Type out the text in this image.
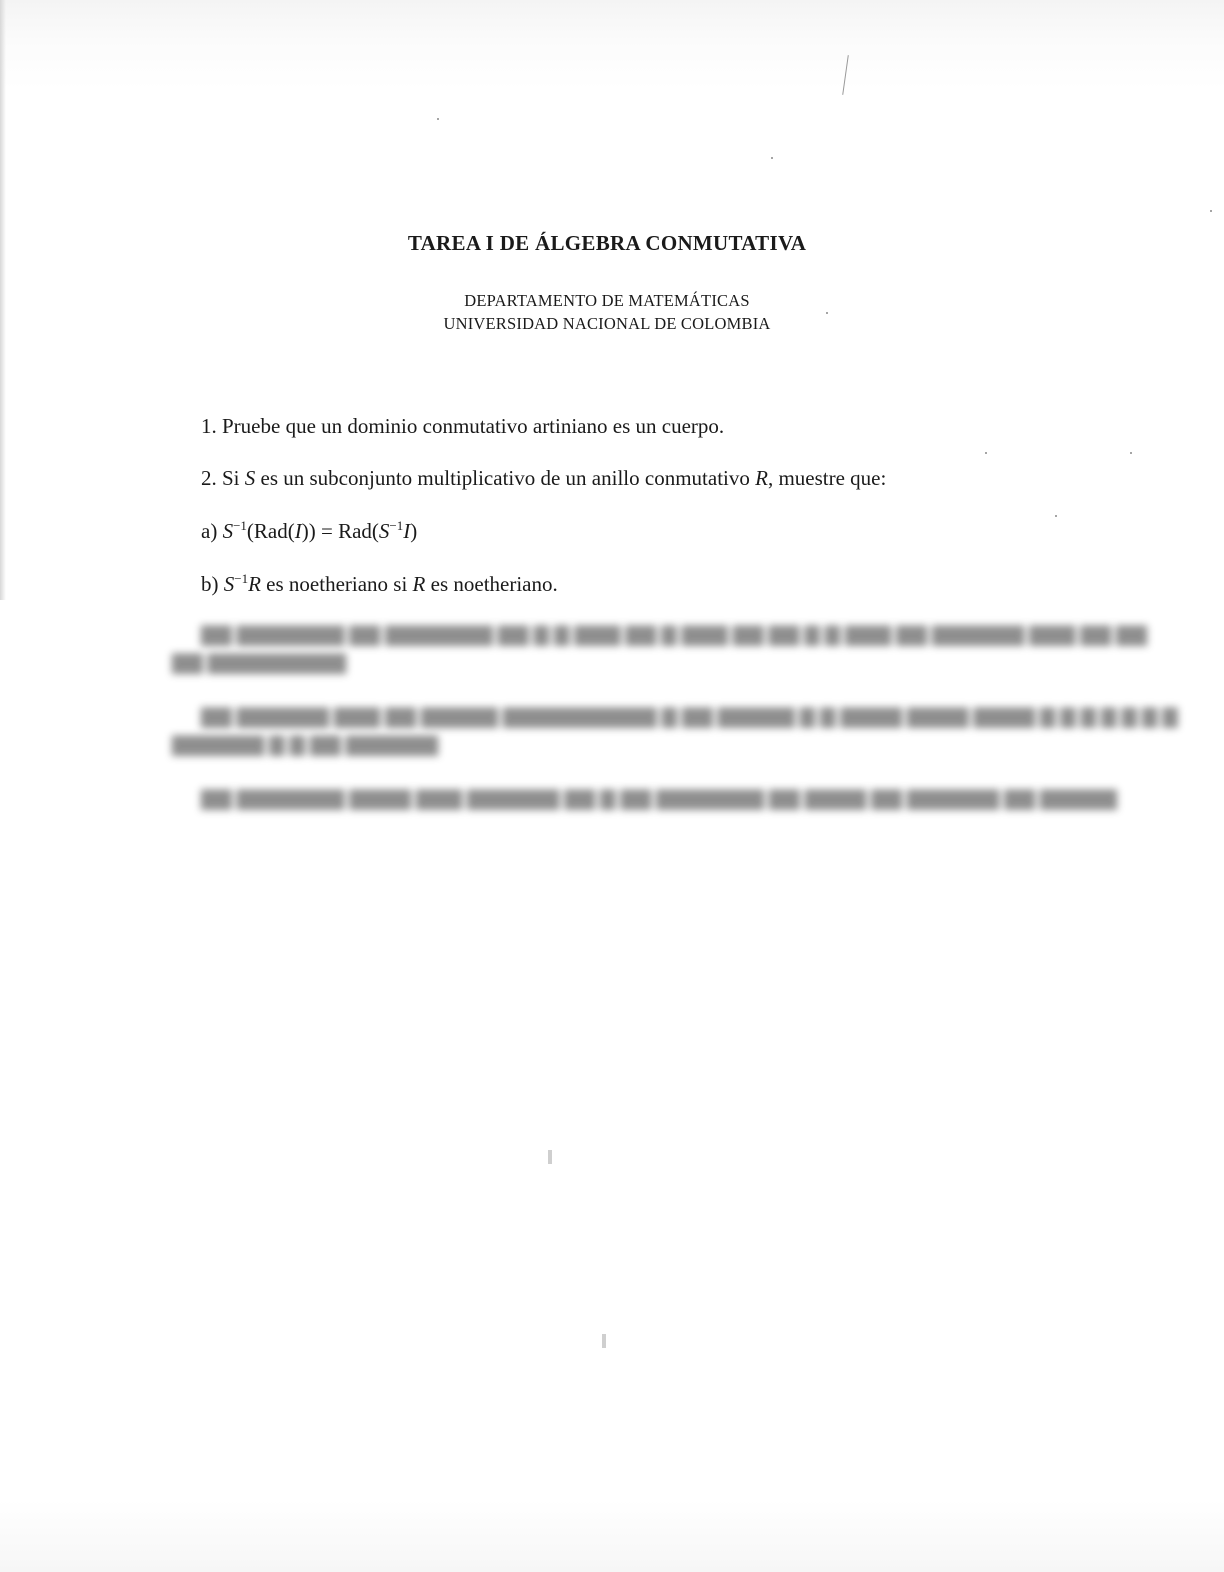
TAREA I DE ÁLGEBRA CONMUTATIVA
DEPARTAMENTO DE MATEMÁTICAS
UNIVERSIDAD NACIONAL DE COLOMBIA
1. Pruebe que un dominio conmutativo artiniano es un cuerpo.
2. Si S es un subconjunto multiplicativo de un anillo conmutativo R, muestre que:
a) $S^{-1}(Rad(I)) = Rad(S^{-1}I)$
b) $S^{-1}R$ es noetheriano si R es noetheriano.
▇▇ ▇▇▇▇▇▇▇ ▇▇ ▇▇▇▇▇▇▇ ▇▇ ▇ ▇ ▇▇▇ ▇▇ ▇ ▇▇▇ ▇▇ ▇▇ ▇ ▇ ▇▇▇ ▇▇ ▇▇▇▇▇▇ ▇▇▇ ▇▇ ▇▇
▇▇ ▇▇▇▇▇▇▇▇▇
▇▇ ▇▇▇▇▇▇ ▇▇▇ ▇▇ ▇▇▇▇▇ ▇▇▇▇▇▇▇▇▇▇ ▇ ▇▇ ▇▇▇▇▇ ▇ ▇ ▇▇▇▇ ▇▇▇▇ ▇▇▇▇ ▇ ▇ ▇ ▇ ▇ ▇ ▇
▇▇▇▇▇▇ ▇ ▇ ▇▇ ▇▇▇▇▇▇
▇▇ ▇▇▇▇▇▇▇ ▇▇▇▇ ▇▇▇ ▇▇▇▇▇▇ ▇▇ ▇ ▇▇ ▇▇▇▇▇▇▇ ▇▇ ▇▇▇▇ ▇▇ ▇▇▇▇▇▇ ▇▇ ▇▇▇▇▇
